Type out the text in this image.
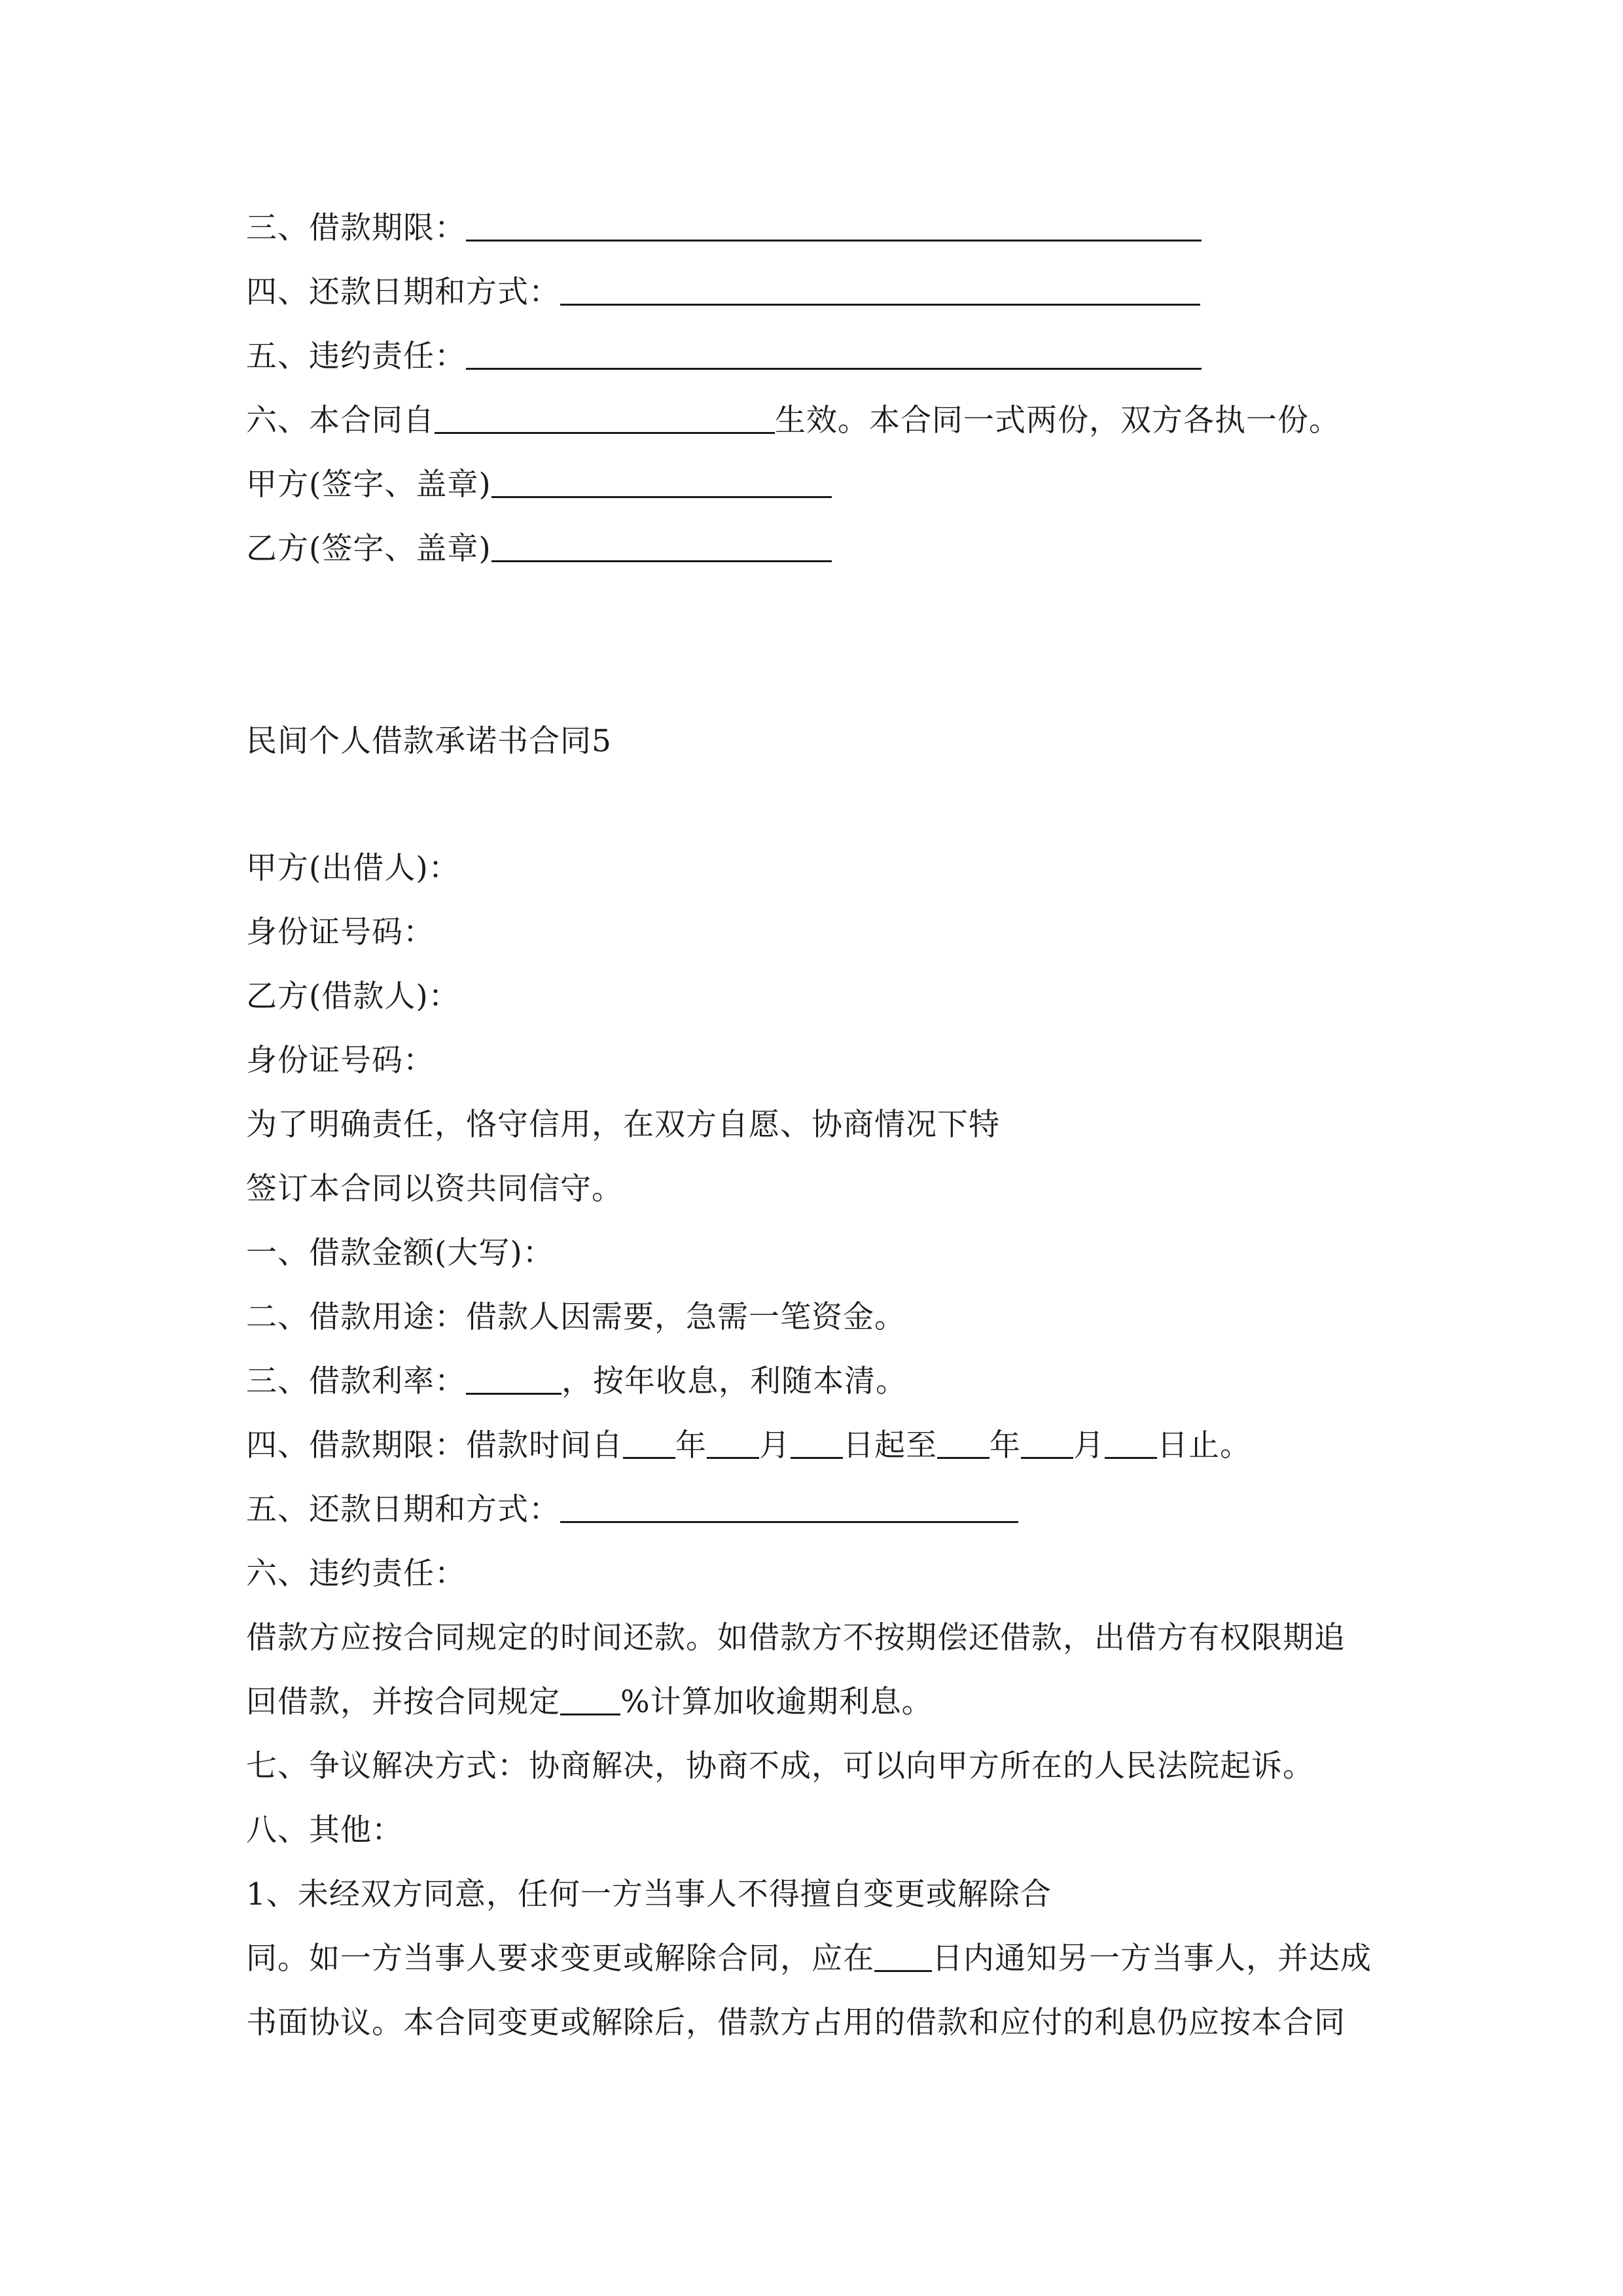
三、借款期限：
四、还款日期和方式：
五、违约责任：
六、本合同自	生效。本合同一式两份，双方各执一份。
甲方(签字、盖章)
乙方(签字、盖章)
民间个人借款承诺书合同5
甲方(出借人)：
身份证号码：
乙方(借款人)：
身份证号码：
为了明确责任，恪守信用，在双方自愿、协商情况下特
签订本合同以资共同信守。
一、借款金额(大写)：
二、借款用途：借款人因需要，急需一笔资金。
三、借款利率：	，按年收息，利随本清。
四、借款期限：借款时间自 年 月 日起至 年 月 日止。
五、还款日期和方式：
六、违约责任：
借款方应按合同规定的时间还款。如借款方不按期偿还借款，出借方有权限期追
回借款，并按合同规定 %计算加收逾期利息。
七、争议解决方式：协商解决，协商不成，可以向甲方所在的人民法院起诉。
八、其他：
1、未经双方同意，任何一方当事人不得擅自变更或解除合
同。如一方当事人要求变更或解除合同，应在 日内通知另一方当事人，并达成
书面协议。本合同变更或解除后，借款方占用的借款和应付的利息仍应按本合同
